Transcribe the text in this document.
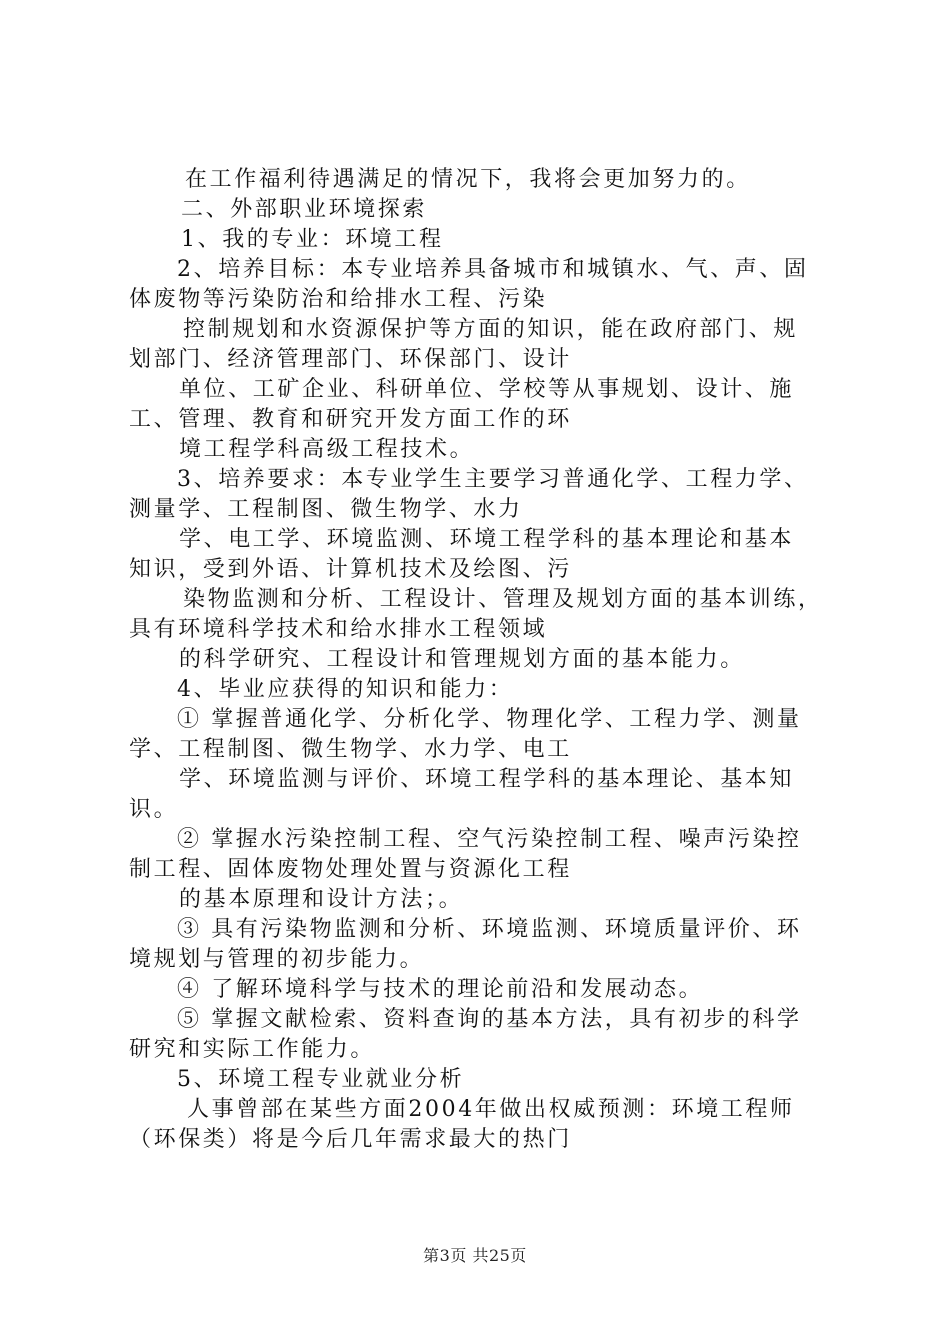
在工作福利待遇满足的情况下，我将会更加努力的。
二、外部职业环境探索
1、我的专业：环境工程
2、培养目标：本专业培养具备城市和城镇水、气、声、固
体废物等污染防治和给排水工程、污染
控制规划和水资源保护等方面的知识，能在政府部门、规
划部门、经济管理部门、环保部门、设计
单位、工矿企业、科研单位、学校等从事规划、设计、施
工、管理、教育和研究开发方面工作的环
境工程学科高级工程技术。
3、培养要求：本专业学生主要学习普通化学、工程力学、
测量学、工程制图、微生物学、水力
学、电工学、环境监测、环境工程学科的基本理论和基本
知识，受到外语、计算机技术及绘图、污
染物监测和分析、工程设计、管理及规划方面的基本训练，
具有环境科学技术和给水排水工程领域
的科学研究、工程设计和管理规划方面的基本能力。
4、毕业应获得的知识和能力：
① 掌握普通化学、分析化学、物理化学、工程力学、测量
学、工程制图、微生物学、水力学、电工
学、环境监测与评价、环境工程学科的基本理论、基本知
识。
② 掌握水污染控制工程、空气污染控制工程、噪声污染控
制工程、固体废物处理处置与资源化工程
的基本原理和设计方法；。
③ 具有污染物监测和分析、环境监测、环境质量评价、环
境规划与管理的初步能力。
④ 了解环境科学与技术的理论前沿和发展动态。
⑤ 掌握文献检索、资料查询的基本方法，具有初步的科学
研究和实际工作能力。
5、环境工程专业就业分析
人事曾部在某些方面2004年做出权威预测：环境工程师
（环保类）将是今后几年需求最大的热门
第3页 共25页
